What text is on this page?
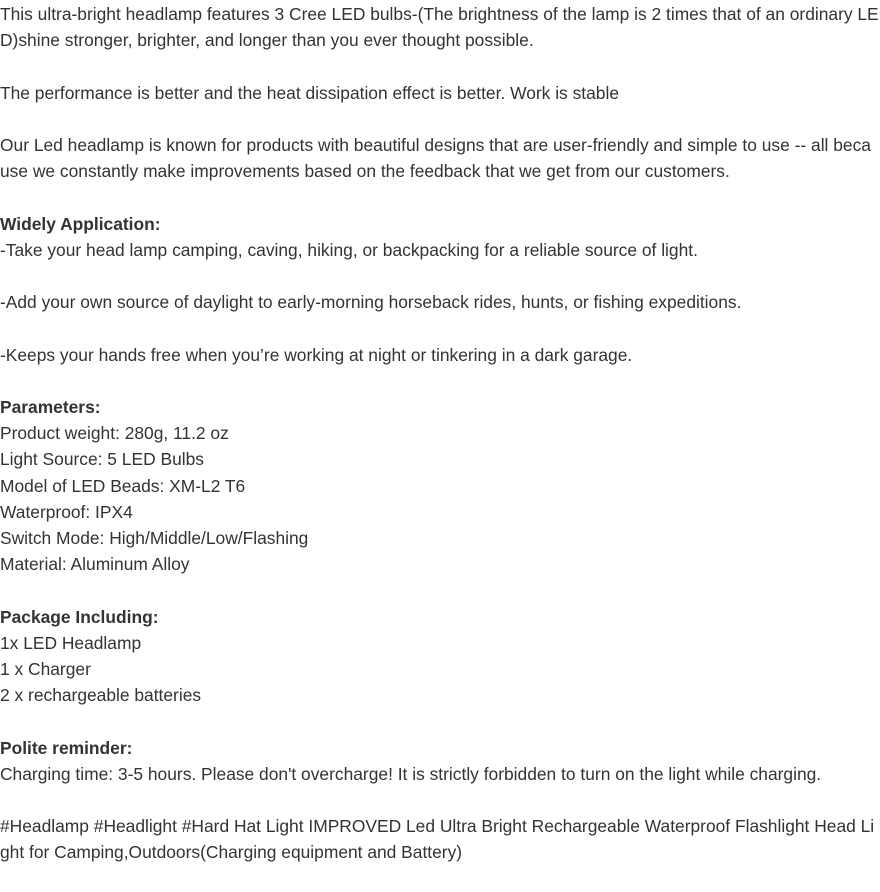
This ultra-bright headlamp features 3 Cree LED bulbs-(The brightness of the lamp is 2 times that of an ordinary LED)shine stronger, brighter, and longer than you ever thought possible.

The performance is better and the heat dissipation effect is better. Work is stable

Our Led headlamp is known for products with beautiful designs that are user-friendly and simple to use -- all because we constantly make improvements based on the feedback that we get from our customers.

Widely Application:

-Take your head lamp camping, caving, hiking, or backpacking for a reliable source of light.

-Add your own source of daylight to early-morning horseback rides, hunts, or fishing expeditions.

-Keeps your hands free when you’re working at night or tinkering in a dark garage.

Parameters:

Product weight: 280g, 11.2 oz

Light Source: 5 LED Bulbs

Model of LED Beads: XM-L2 T6

Waterproof: IPX4

Switch Mode: High/Middle/Low/Flashing

Material: Aluminum Alloy

Package Including:

1x LED Headlamp

1 x Charger

2 x rechargeable batteries

Polite reminder:

Charging time: 3-5 hours. Please don't overcharge! It is strictly forbidden to turn on the light while charging.

#Headlamp #Headlight #Hard Hat Light IMPROVED Led Ultra Bright Rechargeable Waterproof Flashlight Head Light for Camping,Outdoors(Charging equipment and Battery)
